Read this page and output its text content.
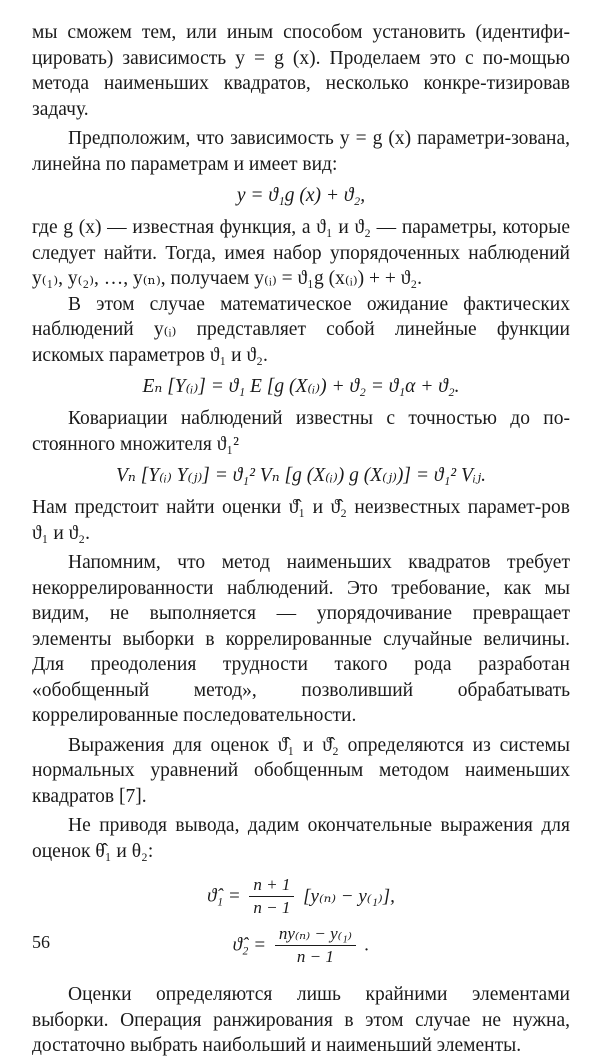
мы сможем тем, или иным способом установить (идентифи-цировать) зависимость y = g (x). Проделаем это с по-мощью метода наименьших квадратов, несколько конкре-тизировав задачу.

Предположим, что зависимость y = g (x) параметри-зована, линейна по параметрам и имеет вид:

y = ϑ₁g (x) + ϑ₂,

где g (x) — известная функция, а ϑ₁ и ϑ₂ — параметры, которые следует найти. Тогда, имея набор упорядоченных наблюдений y₍₁₎, y₍₂₎, …, y₍ₙ₎, получаем y₍ᵢ₎ = ϑ₁g (x₍ᵢ₎) + + ϑ₂.

В этом случае математическое ожидание фактических наблюдений y₍ᵢ₎ представляет собой линейные функции искомых параметров ϑ₁ и ϑ₂.

Eₙ [Y₍ᵢ₎] = ϑ₁ E [g (X₍ᵢ₎) + ϑ₂ = ϑ₁α + ϑ₂.

Ковариации наблюдений известны с точностью до по-стоянного множителя ϑ₁²

Vₙ [Y₍ᵢ₎ Y₍ⱼ₎] = ϑ₁² Vₙ [g (X₍ᵢ₎) g (X₍ⱼ₎)] = ϑ₁² Vᵢⱼ.

Нам предстоит найти оценки ϑ̂₁ и ϑ̂₂ неизвестных парамет-ров ϑ₁ и ϑ₂.

Напомним, что метод наименьших квадратов требует некоррелированности наблюдений. Это требование, как мы видим, не выполняется — упорядочивание превращает элементы выборки в коррелированные случайные величины. Для преодоления трудности такого рода разработан «обобщенный метод», позволивший обрабатывать коррелированные последовательности.

Выражения для оценок ϑ̂₁ и ϑ̂₂ определяются из системы нормальных уравнений обобщенным методом наименьших квадратов [7].

Не приводя вывода, дадим окончательные выражения для оценок θ̂₁ и θ₂:

ϑ̂₁ = $\frac{n + 1}{n - 1} [y_{(n)} - y_{(1)}]$,
ϑ̂₂ = $\frac{\text{ny₍ₙ₎ − y₍₁₎}}{n - 1}$ .

Оценки определяются лишь крайними элементами выборки. Операция ранжирования в этом случае не нужна, достаточно выбрать наибольший и наименьший элементы.

56
